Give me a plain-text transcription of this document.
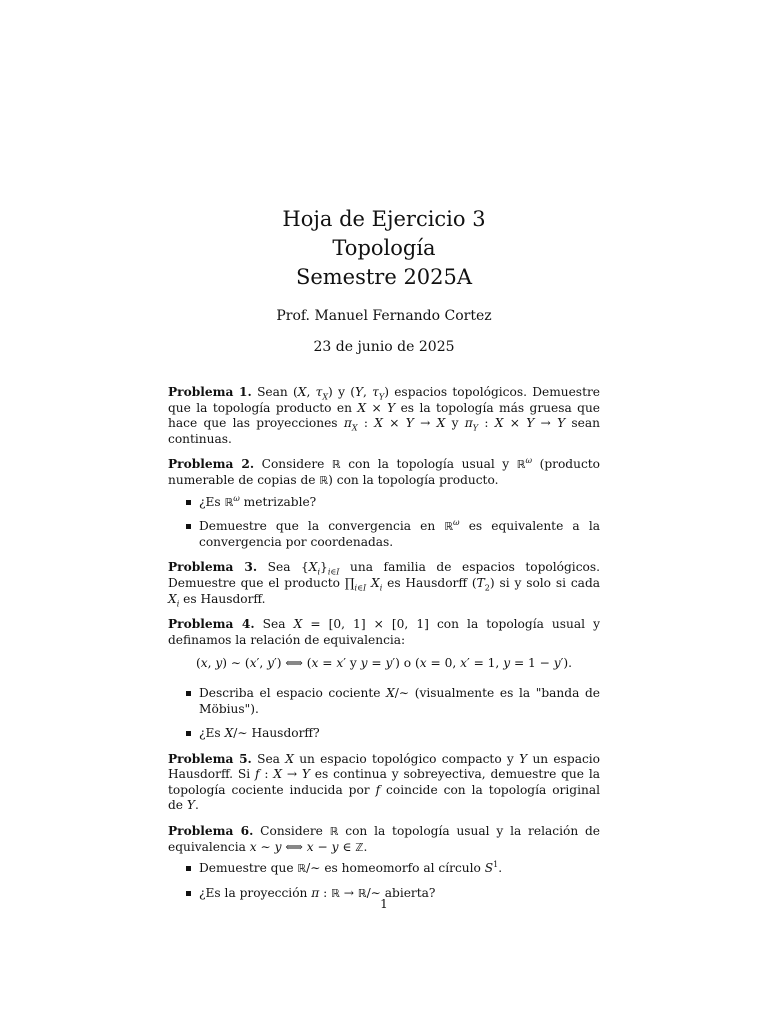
Hoja de Ejercicio 3
Topología
Semestre 2025A
Prof. Manuel Fernando Cortez
23 de junio de 2025

Problema 1. Sean (X, $\tau_X$) y (Y, $\tau_Y$) espacios topológicos. Demuestre que la topología producto en X × Y es la topología más gruesa que hace que las proyecciones $\pi_X$ : X × Y → X y $\pi_Y$ : X × Y → Y sean continuas.

Problema 2. Considere ℝ con la topología usual y ℝ$^\omega$ (producto numerable de copias de ℝ) con la topología producto.

¿Es ℝ$^\omega$ metrizable?
Demuestre que la convergencia en ℝ$^\omega$ es equivalente a la convergencia por coordenadas.

Problema 3. Sea $\{X_i\}_{i\in I}$ una familia de espacios topológicos. Demuestre que el producto $\prod_{i\in I}$ $X_i$ es Hausdorff $(T_2)$ si y solo si cada $X_i$ es Hausdorff.

Problema 4. Sea X = [0, 1] × [0, 1] con la topología usual y definamos la relación de equivalencia:

(x, y) ∼ (x′, y′) ⟺ (x = x′ y y = y′) o (x = 0, x′ = 1, y = 1 − y′).
Describa el espacio cociente X/∼ (visualmente es la "banda de Möbius").
¿Es X/∼ Hausdorff?

Problema 5. Sea X un espacio topológico compacto y Y un espacio Hausdorff. Si f : X → Y es continua y sobreyectiva, demuestre que la topología cociente inducida por f coincide con la topología original de Y.

Problema 6. Considere ℝ con la topología usual y la relación de equivalencia x ∼ y ⟺ x − y ∈ ℤ.

Demuestre que ℝ/∼ es homeomorfo al círculo $S^1$.
¿Es la proyección π : ℝ → ℝ/∼ abierta?
1
